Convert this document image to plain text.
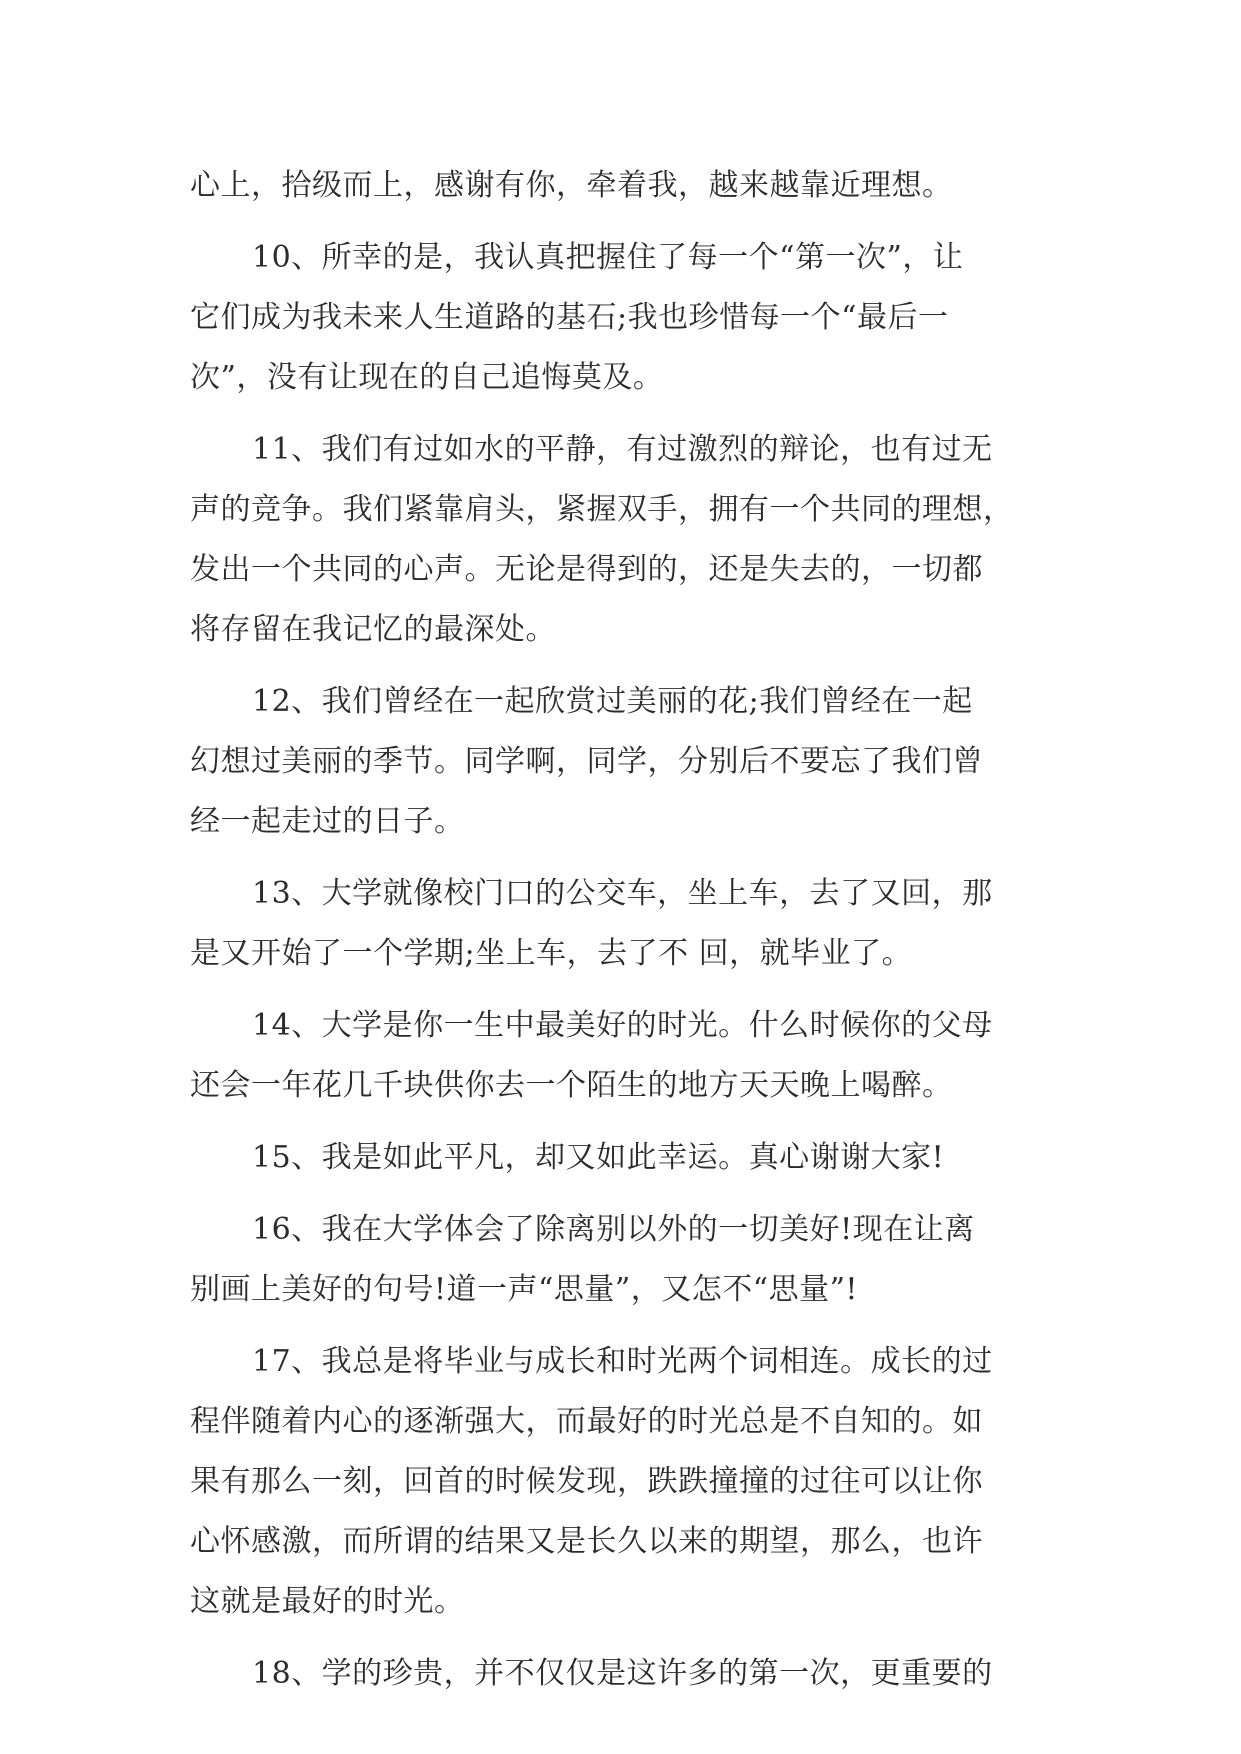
心上，拾级而上，感谢有你，牵着我，越来越靠近理想。
10、所幸的是，我认真把握住了每一个“第一次”，让
它们成为我未来人生道路的基石;我也珍惜每一个“最后一
次”，没有让现在的自己追悔莫及。
11、我们有过如水的平静，有过激烈的辩论，也有过无
声的竞争。我们紧靠肩头，紧握双手，拥有一个共同的理想，
发出一个共同的心声。无论是得到的，还是失去的，一切都
将存留在我记忆的最深处。
12、我们曾经在一起欣赏过美丽的花;我们曾经在一起
幻想过美丽的季节。同学啊，同学，分别后不要忘了我们曾
经一起走过的日子。
13、大学就像校门口的公交车，坐上车，去了又回，那
是又开始了一个学期;坐上车，去了不 回，就毕业了。
14、大学是你一生中最美好的时光。什么时候你的父母
还会一年花几千块供你去一个陌生的地方天天晚上喝醉。
15、我是如此平凡，却又如此幸运。真心谢谢大家!
16、我在大学体会了除离别以外的一切美好!现在让离
别画上美好的句号!道一声“思量”，又怎不“思量”!
17、我总是将毕业与成长和时光两个词相连。成长的过
程伴随着内心的逐渐强大，而最好的时光总是不自知的。如
果有那么一刻，回首的时候发现，跌跌撞撞的过往可以让你
心怀感激，而所谓的结果又是长久以来的期望，那么，也许
这就是最好的时光。
18、学的珍贵，并不仅仅是这许多的第一次，更重要的
